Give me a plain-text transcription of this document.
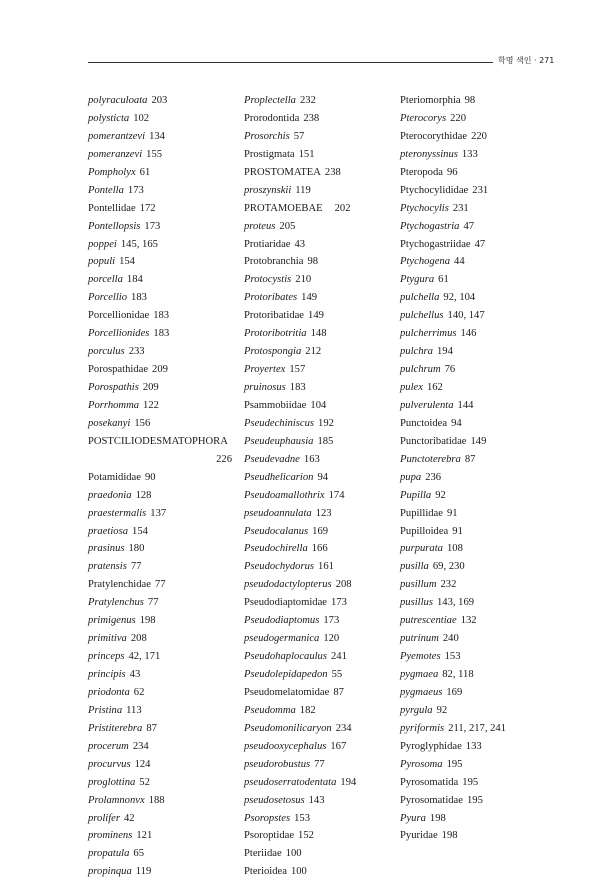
학명 색인 · 271
polyraculoata 203
polysticta 102
pomerantzevi 134
pomeranzevi 155
Pompholyx 61
Pontella 173
Pontellidae 172
Pontellopsis 173
poppei 145, 165
populi 154
porcella 184
Porcellio 183
Porcellionidae 183
Porcellionides 183
porculus 233
Porospathidae 209
Porospathis 209
Porrhomma 122
posekanyi 156
POSTCILIODESMATOPHORA
226
Potamididae 90
praedonia 128
praestermalis 137
praetiosa 154
prasinus 180
pratensis 77
Pratylenchidae 77
Pratylenchus 77
primigenus 198
primitiva 208
princeps 42, 171
principis 43
priodonta 62
Pristina 113
Pristiterebra 87
procerum 234
procurvus 124
proglottina 52
Prolamnonvx 188
prolifer 42
prominens 121
propatula 65
propinqua 119
Proplectella 232
Prorodontida 238
Prosorchis 57
Prostigmata 151
PROSTOMATEA 238
proszynskii 119
PROTAMOEBAE 202
proteus 205
Protiaridae 43
Protobranchia 98
Protocystis 210
Protoribates 149
Protoribatidae 149
Protoribotritia 148
Protospongia 212
Proyertex 157
pruinosus 183
Psammobiidae 104
Pseudechiniscus 192
Pseudeuphausia 185
Pseudevadne 163
Pseudhelicarion 94
Pseudoamallothrix 174
pseudoannulata 123
Pseudocalanus 169
Pseudochirella 166
Pseudochydorus 161
pseudodactylopterus 208
Pseudodiaptomidae 173
Pseudodiaptomus 173
pseudogermanica 120
Pseudohaplocaulus 241
Pseudolepidapedon 55
Pseudomelatomidae 87
Pseudomma 182
Pseudomonilicaryon 234
pseudooxycephalus 167
pseudorobustus 77
pseudoserratodentata 194
pseudosetosus 143
Psoropstes 153
Psoroptidae 152
Pteriidae 100
Pterioidea 100
Pteriomorphia 98
Pterocorys 220
Pterocorythidae 220
pteronyssinus 133
Pteropoda 96
Ptychocylididae 231
Ptychocylis 231
Ptychogastria 47
Ptychogastriidae 47
Ptychogena 44
Ptygura 61
pulchella 92, 104
pulchellus 140, 147
pulcherrimus 146
pulchra 194
pulchrum 76
pulex 162
pulverulenta 144
Punctoidea 94
Punctoribatidae 149
Punctoterebra 87
pupa 236
Pupilla 92
Pupillidae 91
Pupilloidea 91
purpurata 108
pusilla 69, 230
pusillum 232
pusillus 143, 169
putrescentiae 132
putrinum 240
Pyemotes 153
pygmaea 82, 118
pygmaeus 169
pyrgula 92
pyriformis 211, 217, 241
Pyroglyphidae 133
Pyrosoma 195
Pyrosomatida 195
Pyrosomatidae 195
Pyura 198
Pyuridae 198
